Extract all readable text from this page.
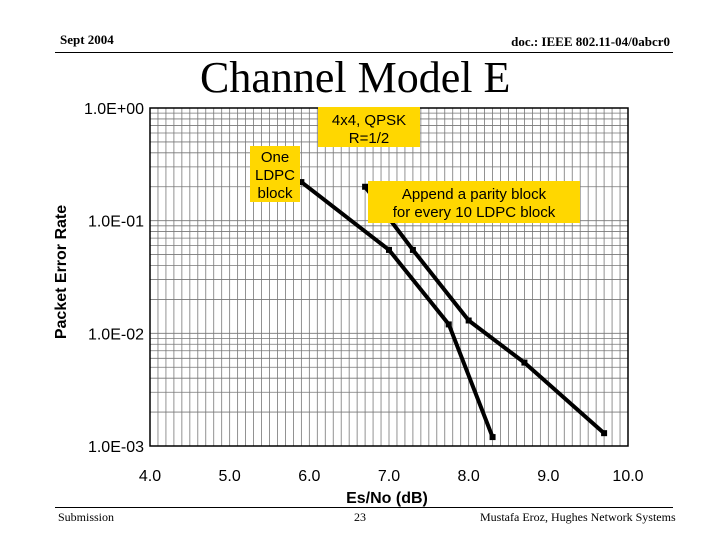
Sept 2004	doc.: IEEE 802.11-04/0abcr0
Channel Model E
4.0	5.0	6.0	7.0	8.0	9.0	10.0
1.0E+00
1.0E-01
1.0E-02
1.0E-03
Es/No (dB)
Packet Error Rate
4x4, QPSK
R=1/2
One
LDPC
block	Append a parity block
for every 10 LDPC block
Submission	23	Mustafa Eroz, Hughes Network Systems
